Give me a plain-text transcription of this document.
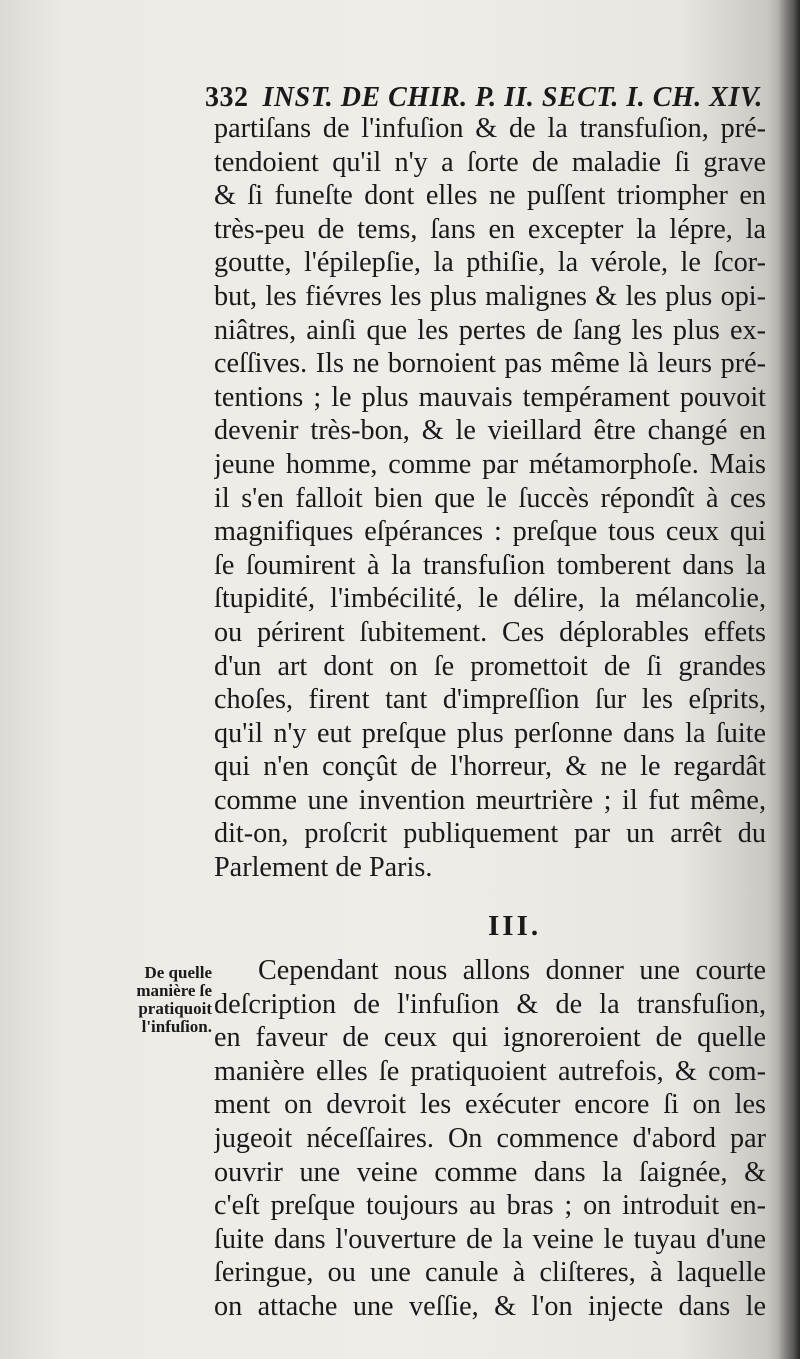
332 INST. DE CHIR. P. II. SECT. I. CH. XIV.
partiſans de l'infuſion & de la transfuſion, pré-
tendoient qu'il n'y a ſorte de maladie ſi grave
& ſi funeſte dont elles ne puſſent triompher en
très-peu de tems, ſans en excepter la lépre, la
goutte, l'épilepſie, la pthiſie, la vérole, le ſcor-
but, les fiévres les plus malignes & les plus opi-
niâtres, ainſi que les pertes de ſang les plus ex-
ceſſives. Ils ne bornoient pas même là leurs pré-
tentions ; le plus mauvais tempérament pouvoit
devenir très-bon, & le vieillard être changé en
jeune homme, comme par métamorphoſe. Mais
il s'en falloit bien que le ſuccès répondît à ces
magnifiques eſpérances : preſque tous ceux qui
ſe ſoumirent à la transfuſion tomberent dans la
ſtupidité, l'imbécilité, le délire, la mélancolie,
ou périrent ſubitement. Ces déplorables effets
d'un art dont on ſe promettoit de ſi grandes
choſes, firent tant d'impreſſion ſur les eſprits,
qu'il n'y eut preſque plus perſonne dans la ſuite
qui n'en conçût de l'horreur, & ne le regardât
comme une invention meurtrière ; il fut même,
dit-on, proſcrit publiquement par un arrêt du
Parlement de Paris.
III.

De quelle
manière ſe
pratiquoit
l'infuſion.
Cependant nous allons donner une courte
deſcription de l'infuſion & de la transfuſion,
en faveur de ceux qui ignoreroient de quelle
manière elles ſe pratiquoient autrefois, & com-
ment on devroit les exécuter encore ſi on les
jugeoit néceſſaires. On commence d'abord par
ouvrir une veine comme dans la ſaignée, &
c'eſt preſque toujours au bras ; on introduit en-
ſuite dans l'ouverture de la veine le tuyau d'une
ſeringue, ou une canule à cliſteres, à laquelle
on attache une veſſie, & l'on injecte dans le
